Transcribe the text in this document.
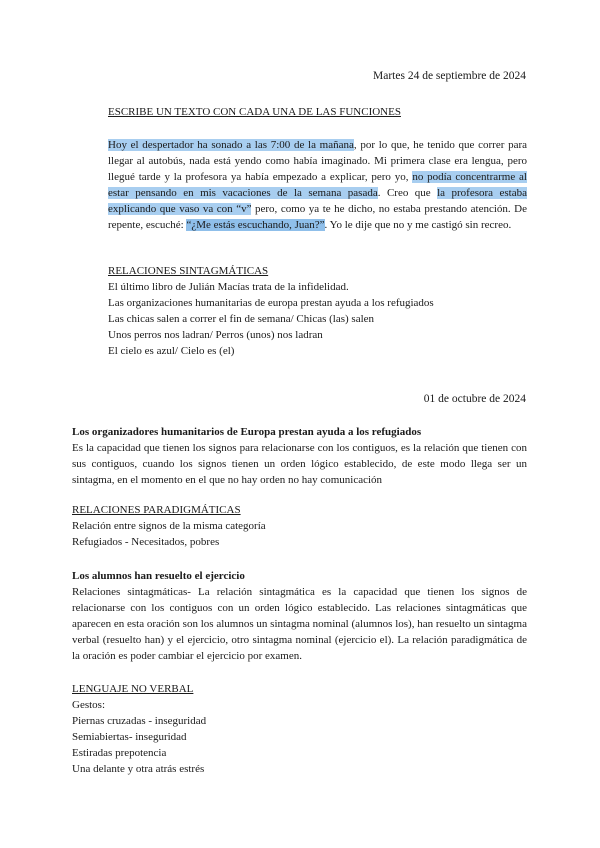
Martes 24 de septiembre de 2024

ESCRIBE UN TEXTO CON CADA UNA DE LAS FUNCIONES

Hoy el despertador ha sonado a las 7:00 de la mañana, por lo que, he tenido que correr para llegar al autobús, nada está yendo como había imaginado. Mi primera clase era lengua, pero llegué tarde y la profesora ya había empezado a explicar, pero yo, no podía concentrarme al estar pensando en mis vacaciones de la semana pasada. Creo que la profesora estaba explicando que vaso va con “v” pero, como ya te he dicho, no estaba prestando atención. De repente, escuché: “¿Me estás escuchando, Juan?”. Yo le dije que no y me castigó sin recreo.

RELACIONES SINTAGMÁTICAS

El último libro de Julián Macías trata de la infidelidad.

Las organizaciones humanitarias de europa prestan ayuda a los refugiados

Las chicas salen a correr el fin de semana/ Chicas (las) salen

Unos perros nos ladran/ Perros (unos) nos ladran

El cielo es azul/ Cielo es (el)

01 de octubre de 2024

Los organizadores humanitarios de Europa prestan ayuda a los refugiados

Es la capacidad que tienen los signos para relacionarse con los contiguos, es la relación que tienen con sus contiguos, cuando los signos tienen un orden lógico establecido, de este modo llega ser un sintagma, en el momento en el que no hay orden no hay comunicación

RELACIONES PARADIGMÁTICAS

Relación entre signos de la misma categoría

Refugiados - Necesitados, pobres

Los alumnos han resuelto el ejercicio

Relaciones sintagmáticas- La relación sintagmática es la capacidad que tienen los signos de relacionarse con los contiguos con un orden lógico establecido. Las relaciones sintagmáticas que aparecen en esta oración son los alumnos un sintagma nominal (alumnos los), han resuelto un sintagma verbal (resuelto han) y el ejercicio, otro sintagma nominal (ejercicio el). La relación paradigmática de la oración es poder cambiar el ejercicio por examen.

LENGUAJE NO VERBAL

Gestos:

Piernas cruzadas - inseguridad

Semiabiertas- inseguridad

Estiradas prepotencia

Una delante y otra atrás estrés
